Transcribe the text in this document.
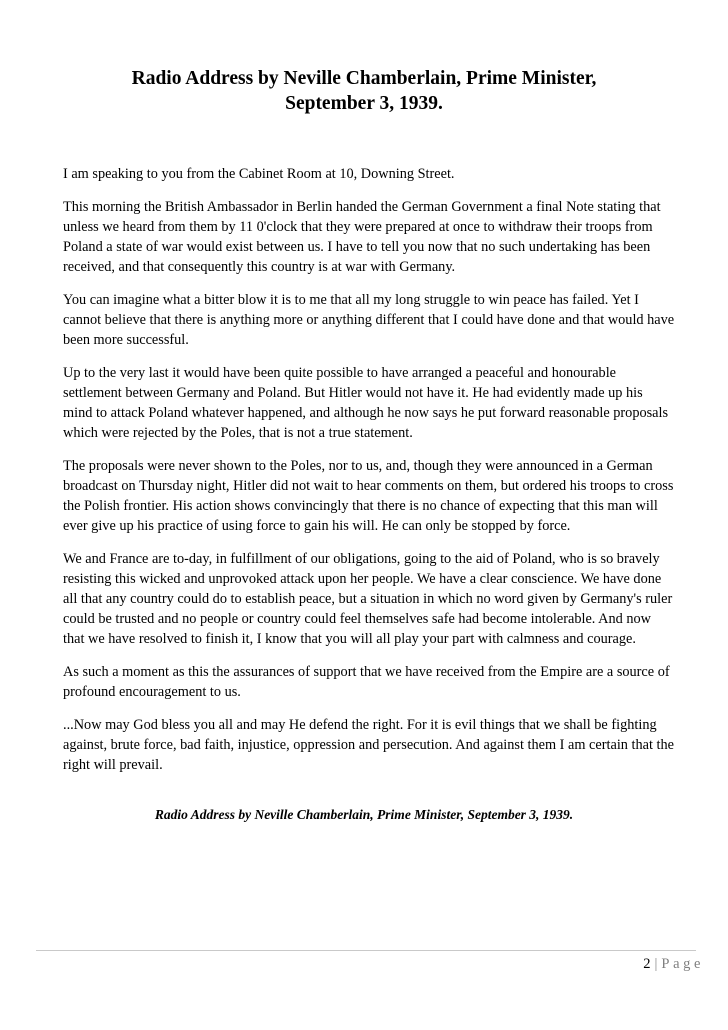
Radio Address by Neville Chamberlain, Prime Minister,
September 3, 1939.

I am speaking to you from the Cabinet Room at 10, Downing Street.

This morning the British Ambassador in Berlin handed the German Government a final Note stating that unless we heard from them by 11 0'clock that they were prepared at once to withdraw their troops from Poland a state of war would exist between us. I have to tell you now that no such undertaking has been received, and that consequently this country is at war with Germany.

You can imagine what a bitter blow it is to me that all my long struggle to win peace has failed. Yet I cannot believe that there is anything more or anything different that I could have done and that would have been more successful.

Up to the very last it would have been quite possible to have arranged a peaceful and honourable settlement between Germany and Poland. But Hitler would not have it. He had evidently made up his mind to attack Poland whatever happened, and although he now says he put forward reasonable proposals which were rejected by the Poles, that is not a true statement.

The proposals were never shown to the Poles, nor to us, and, though they were announced in a German broadcast on Thursday night, Hitler did not wait to hear comments on them, but ordered his troops to cross the Polish frontier. His action shows convincingly that there is no chance of expecting that this man will ever give up his practice of using force to gain his will. He can only be stopped by force.

We and France are to-day, in fulfillment of our obligations, going to the aid of Poland, who is so bravely resisting this wicked and unprovoked attack upon her people. We have a clear conscience. We have done all that any country could do to establish peace, but a situation in which no word given by Germany's ruler could be trusted and no people or country could feel themselves safe had become intolerable. And now that we have resolved to finish it, I know that you will all play your part with calmness and courage.

As such a moment as this the assurances of support that we have received from the Empire are a source of profound encouragement to us.

...Now may God bless you all and may He defend the right. For it is evil things that we shall be fighting against, brute force, bad faith, injustice, oppression and persecution. And against them I am certain that the right will prevail.

Radio Address by Neville Chamberlain, Prime Minister, September 3, 1939.

2 | Page
